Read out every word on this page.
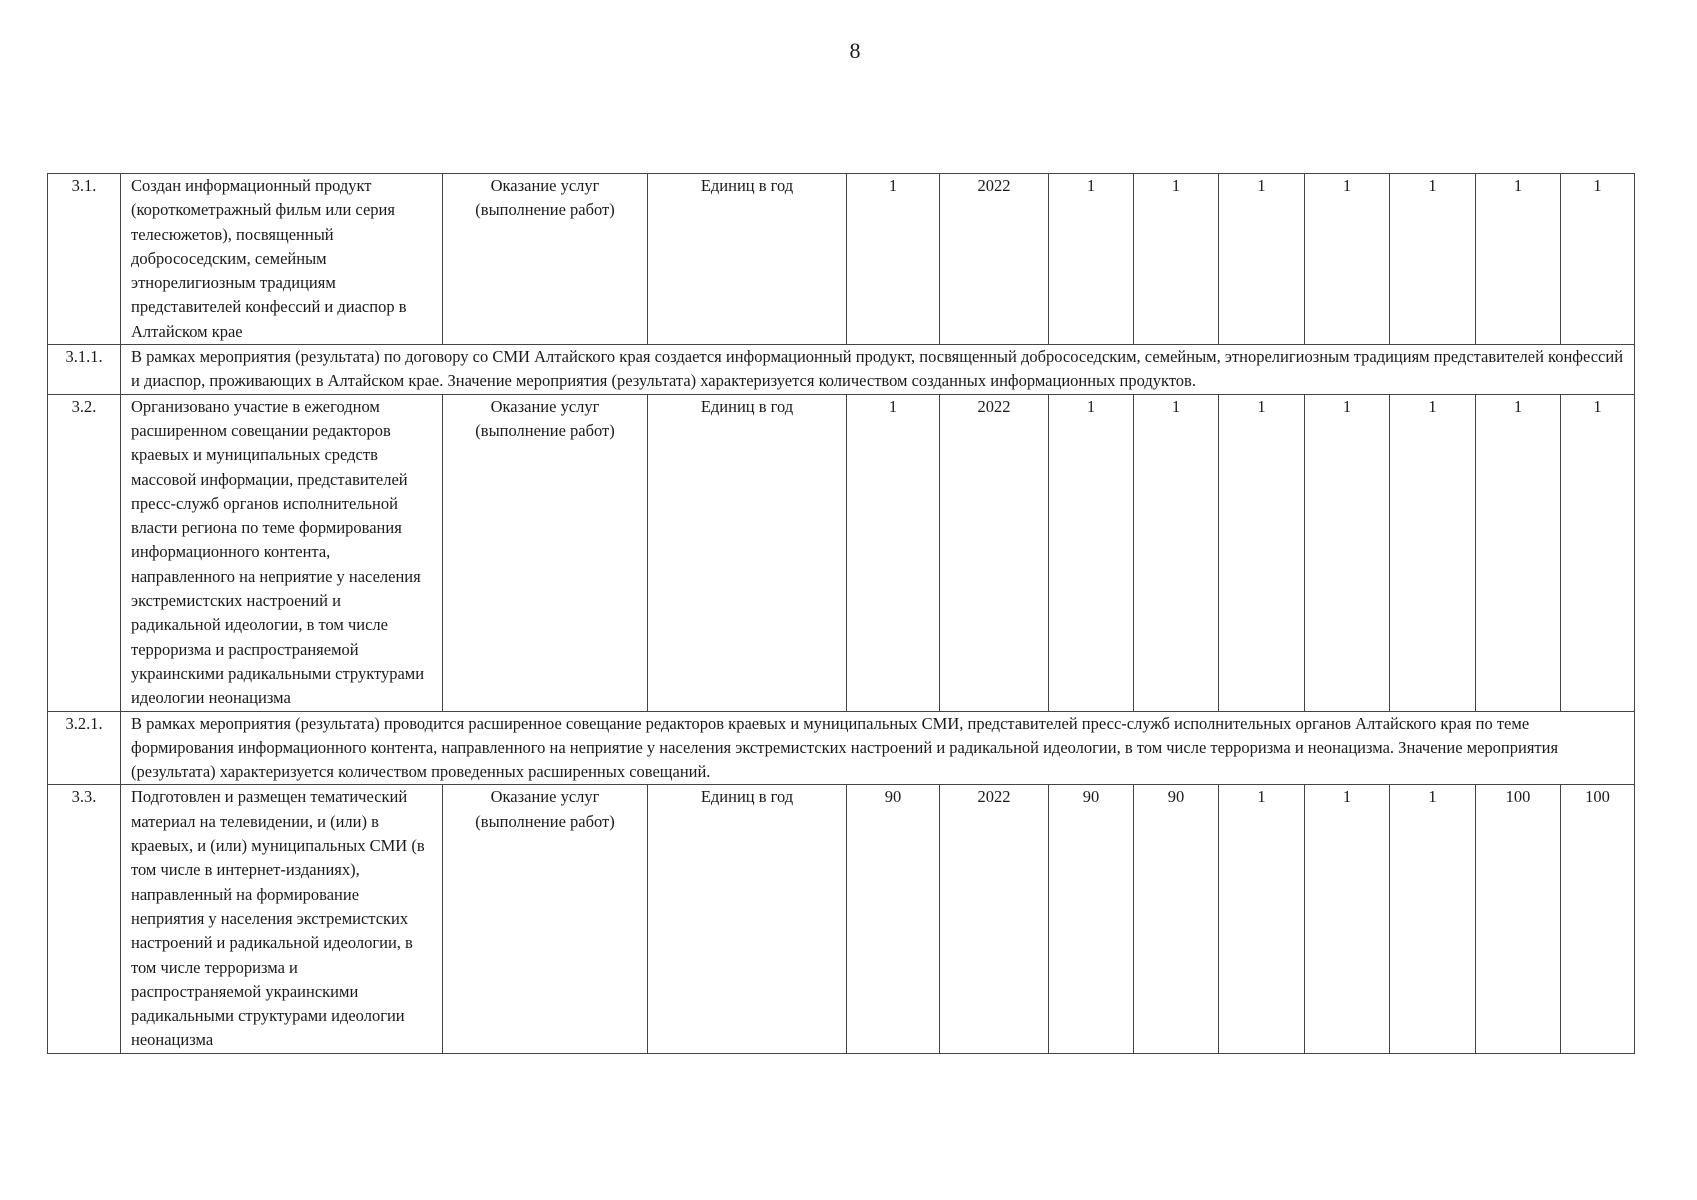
8
3.1.	Создан информационный продукт (короткометражный фильм или серия телесюжетов), посвященный добрососедским, семейным этнорелигиозным традициям представителей конфессий и диаспор в Алтайском крае	Оказание услуг (выполнение работ)	Единиц в год	1	2022	1	1	1	1	1	1	1
3.1.1.	В рамках мероприятия (результата) по договору со СМИ Алтайского края создается информационный продукт, посвященный добрососедским, семейным, этнорелигиозным традициям представителей конфессий и диаспор, проживающих в Алтайском крае. Значение мероприятия (результата) характеризуется количеством созданных информационных продуктов.											
3.2.	Организовано участие в ежегодном расширенном совещании редакторов краевых и муниципальных средств массовой информации, представителей пресс-служб органов исполнительной власти региона по теме формирования информационного контента, направленного на неприятие у населения экстремистских настроений и радикальной идеологии, в том числе терроризма и распространяемой украинскими радикальными структурами идеологии неонацизма	Оказание услуг (выполнение работ)	Единиц в год	1	2022	1	1	1	1	1	1	1
3.2.1.	В рамках мероприятия (результата) проводится расширенное совещание редакторов краевых и муниципальных СМИ, представителей пресс-служб исполнительных органов Алтайского края по теме формирования информационного контента, направленного на неприятие у населения экстремистских настроений и радикальной идеологии, в том числе терроризма и неонацизма. Значение мероприятия (результата) характеризуется количеством проведенных расширенных совещаний.											
3.3.	Подготовлен и размещен тематический материал на телевидении, и (или) в краевых, и (или) муниципальных СМИ (в том числе в интернет-изданиях), направленный на формирование неприятия у населения экстремистских настроений и радикальной идеологии, в том числе терроризма и распространяемой украинскими радикальными структурами идеологии неонацизма	Оказание услуг (выполнение работ)	Единиц в год	90	2022	90	90	1	1	1	100	100
